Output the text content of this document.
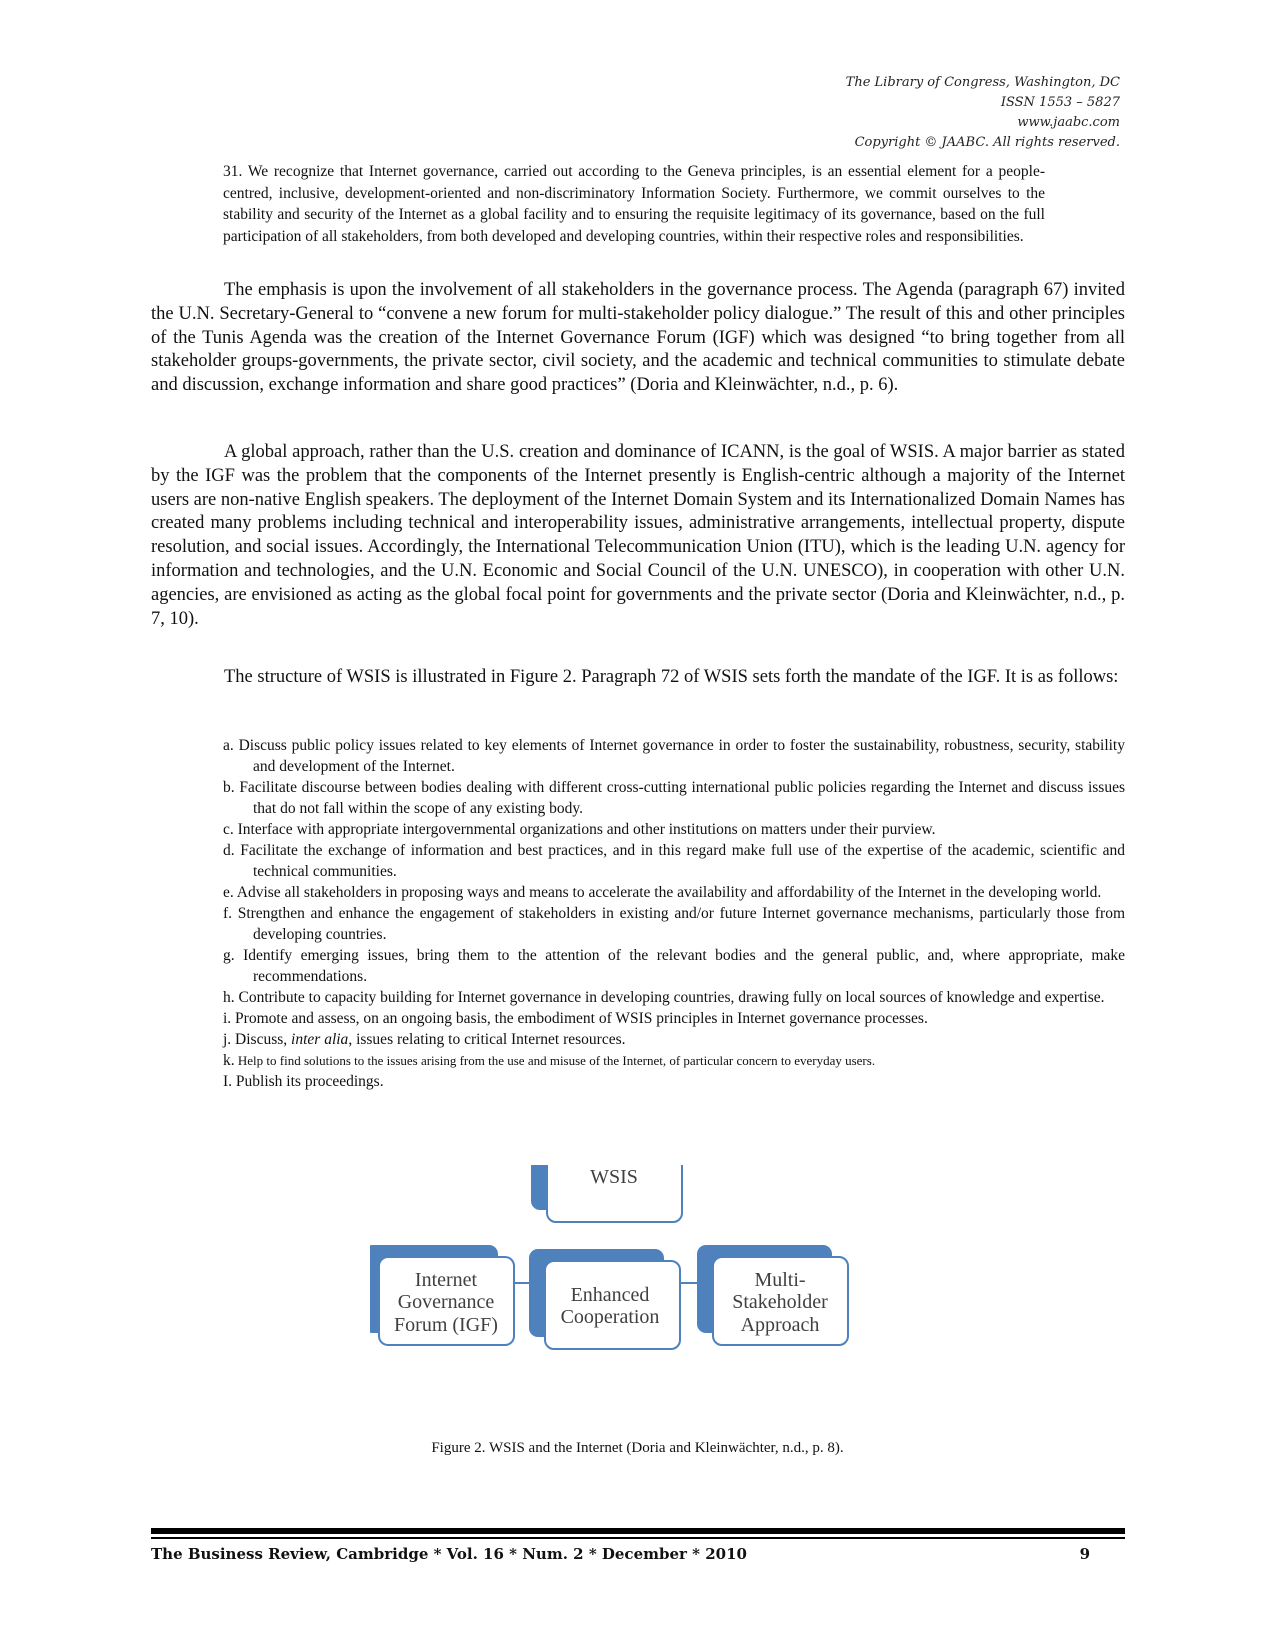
The Library of Congress, Washington, DC
ISSN 1553 – 5827
www.jaabc.com
Copyright © JAABC. All rights reserved.
31. We recognize that Internet governance, carried out according to the Geneva principles, is an essential element for a people-centred, inclusive, development-oriented and non-discriminatory Information Society. Furthermore, we commit ourselves to the stability and security of the Internet as a global facility and to ensuring the requisite legitimacy of its governance, based on the full participation of all stakeholders, from both developed and developing countries, within their respective roles and responsibilities.
The emphasis is upon the involvement of all stakeholders in the governance process. The Agenda (paragraph 67) invited the U.N. Secretary-General to “convene a new forum for multi-stakeholder policy dialogue.” The result of this and other principles of the Tunis Agenda was the creation of the Internet Governance Forum (IGF) which was designed “to bring together from all stakeholder groups-governments, the private sector, civil society, and the academic and technical communities to stimulate debate and discussion, exchange information and share good practices” (Doria and Kleinwächter, n.d., p. 6).
A global approach, rather than the U.S. creation and dominance of ICANN, is the goal of WSIS. A major barrier as stated by the IGF was the problem that the components of the Internet presently is English-centric although a majority of the Internet users are non-native English speakers. The deployment of the Internet Domain System and its Internationalized Domain Names has created many problems including technical and interoperability issues, administrative arrangements, intellectual property, dispute resolution, and social issues. Accordingly, the International Telecommunication Union (ITU), which is the leading U.N. agency for information and technologies, and the U.N. Economic and Social Council of the U.N. UNESCO), in cooperation with other U.N. agencies, are envisioned as acting as the global focal point for governments and the private sector (Doria and Kleinwächter, n.d., p. 7, 10).
The structure of WSIS is illustrated in Figure 2. Paragraph 72 of WSIS sets forth the mandate of the IGF. It is as follows:
a. Discuss public policy issues related to key elements of Internet governance in order to foster the sustainability, robustness, security, stability and development of the Internet.
b. Facilitate discourse between bodies dealing with different cross-cutting international public policies regarding the Internet and discuss issues that do not fall within the scope of any existing body.
c. Interface with appropriate intergovernmental organizations and other institutions on matters under their purview.
d. Facilitate the exchange of information and best practices, and in this regard make full use of the expertise of the academic, scientific and technical communities.
e. Advise all stakeholders in proposing ways and means to accelerate the availability and affordability of the Internet in the developing world.
f. Strengthen and enhance the engagement of stakeholders in existing and/or future Internet governance mechanisms, particularly those from developing countries.
g. Identify emerging issues, bring them to the attention of the relevant bodies and the general public, and, where appropriate, make recommendations.
h. Contribute to capacity building for Internet governance in developing countries, drawing fully on local sources of knowledge and expertise.
i. Promote and assess, on an ongoing basis, the embodiment of WSIS principles in Internet governance processes.
j. Discuss, inter alia, issues relating to critical Internet resources.
k. Help to find solutions to the issues arising from the use and misuse of the Internet, of particular concern to everyday users.
I. Publish its proceedings.
WSIS
Internet
Governance
Forum (IGF)
Enhanced
Cooperation
Multi-
Stakeholder
Approach
Figure 2. WSIS and the Internet (Doria and Kleinwächter, n.d., p. 8).
The Business Review, Cambridge * Vol. 16 * Num. 2 * December * 2010	9
